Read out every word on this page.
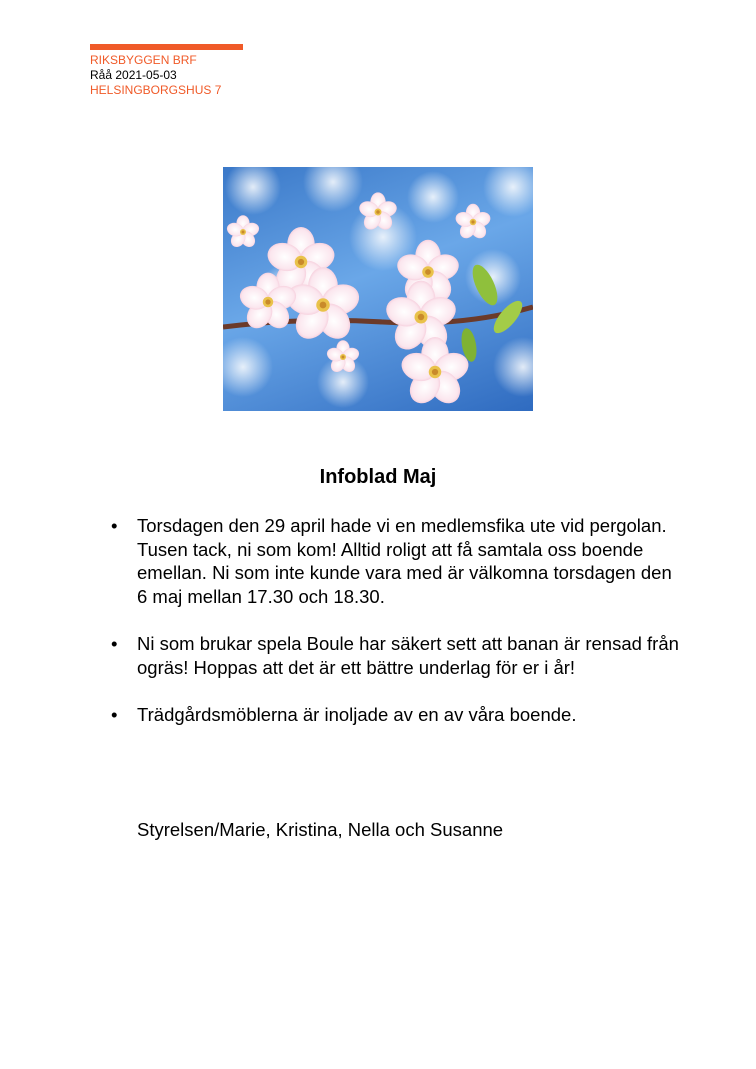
RIKSBYGGEN BRF
Råå 2021-05-03
HELSINGBORGSHUS 7
Infoblad Maj
• Torsdagen den 29 april hade vi en medlemsfika ute vid pergolan. Tusen tack, ni som kom! Alltid roligt att få samtala oss boende emellan. Ni som inte kunde vara med är välkomna torsdagen den 6 maj mellan 17.30 och 18.30.
• Ni som brukar spela Boule har säkert sett att banan är rensad från ogräs! Hoppas att det är ett bättre underlag för er i år!
• Trädgårdsmöblerna är inoljade av en av våra boende.
Styrelsen/Marie, Kristina, Nella och Susanne
